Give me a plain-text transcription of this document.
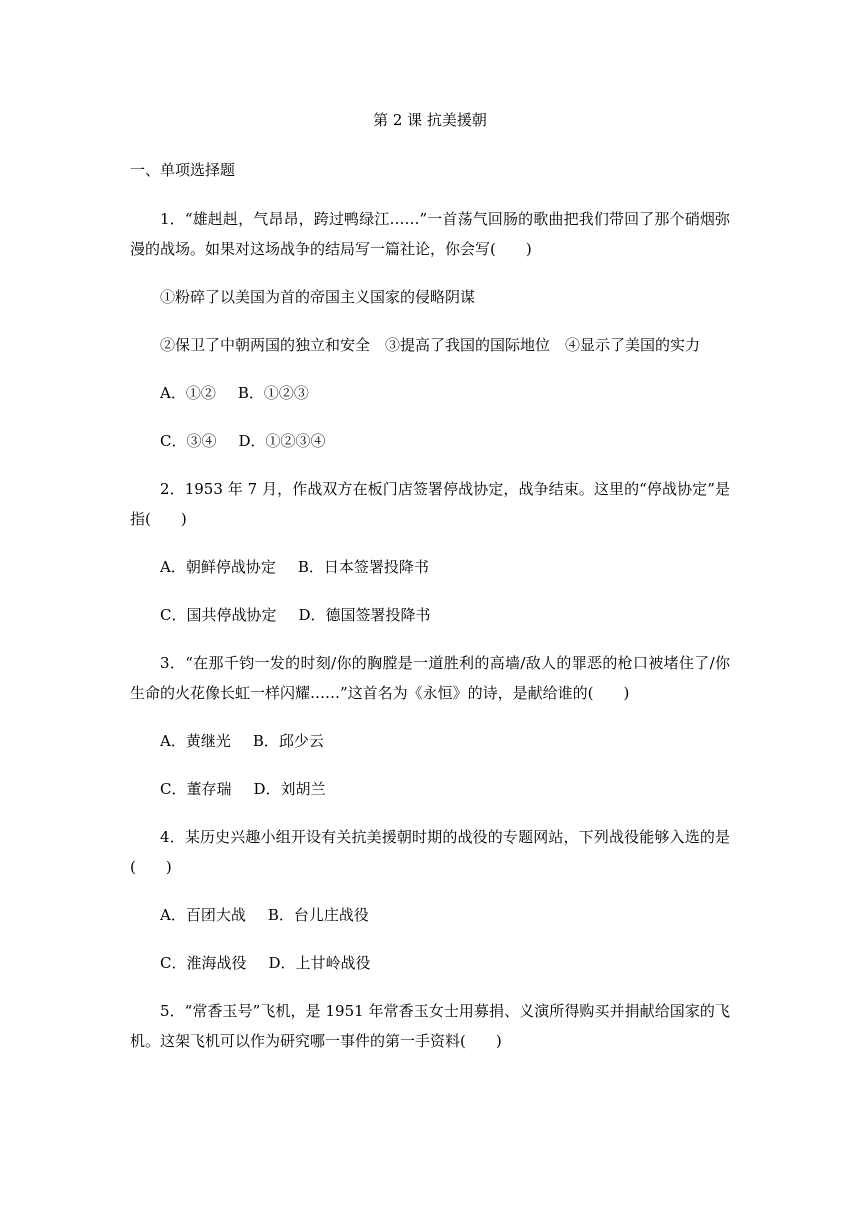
第 2 课 抗美援朝
一、单项选择题

1．“雄赳赳，气昂昂，跨过鸭绿江……”一首荡气回肠的歌曲把我们带回了那个硝烟弥漫的战场。如果对这场战争的结局写一篇社论，你会写(　　)

①粉碎了以美国为首的帝国主义国家的侵略阴谋
②保卫了中朝两国的独立和安全　③提高了我国的国际地位　④显示了美国的实力
A．①② B．①②③
C．③④ D．①②③④

2．1953 年 7 月，作战双方在板门店签署停战协定，战争结束。这里的“停战协定”是指(　　)

A．朝鲜停战协定 B．日本签署投降书
C．国共停战协定 D．德国签署投降书

3．“在那千钧一发的时刻/你的胸膛是一道胜利的高墙/敌人的罪恶的枪口被堵住了/你生命的火花像长虹一样闪耀……”这首名为《永恒》的诗，是献给谁的(　　)

A．黄继光 B．邱少云
C．董存瑞 D．刘胡兰

4．某历史兴趣小组开设有关抗美援朝时期的战役的专题网站，下列战役能够入选的是(　　)

A．百团大战 B．台儿庄战役
C．淮海战役 D．上甘岭战役

5．“常香玉号”飞机，是 1951 年常香玉女士用募捐、义演所得购买并捐献给国家的飞机。这架飞机可以作为研究哪一事件的第一手资料(　　)
